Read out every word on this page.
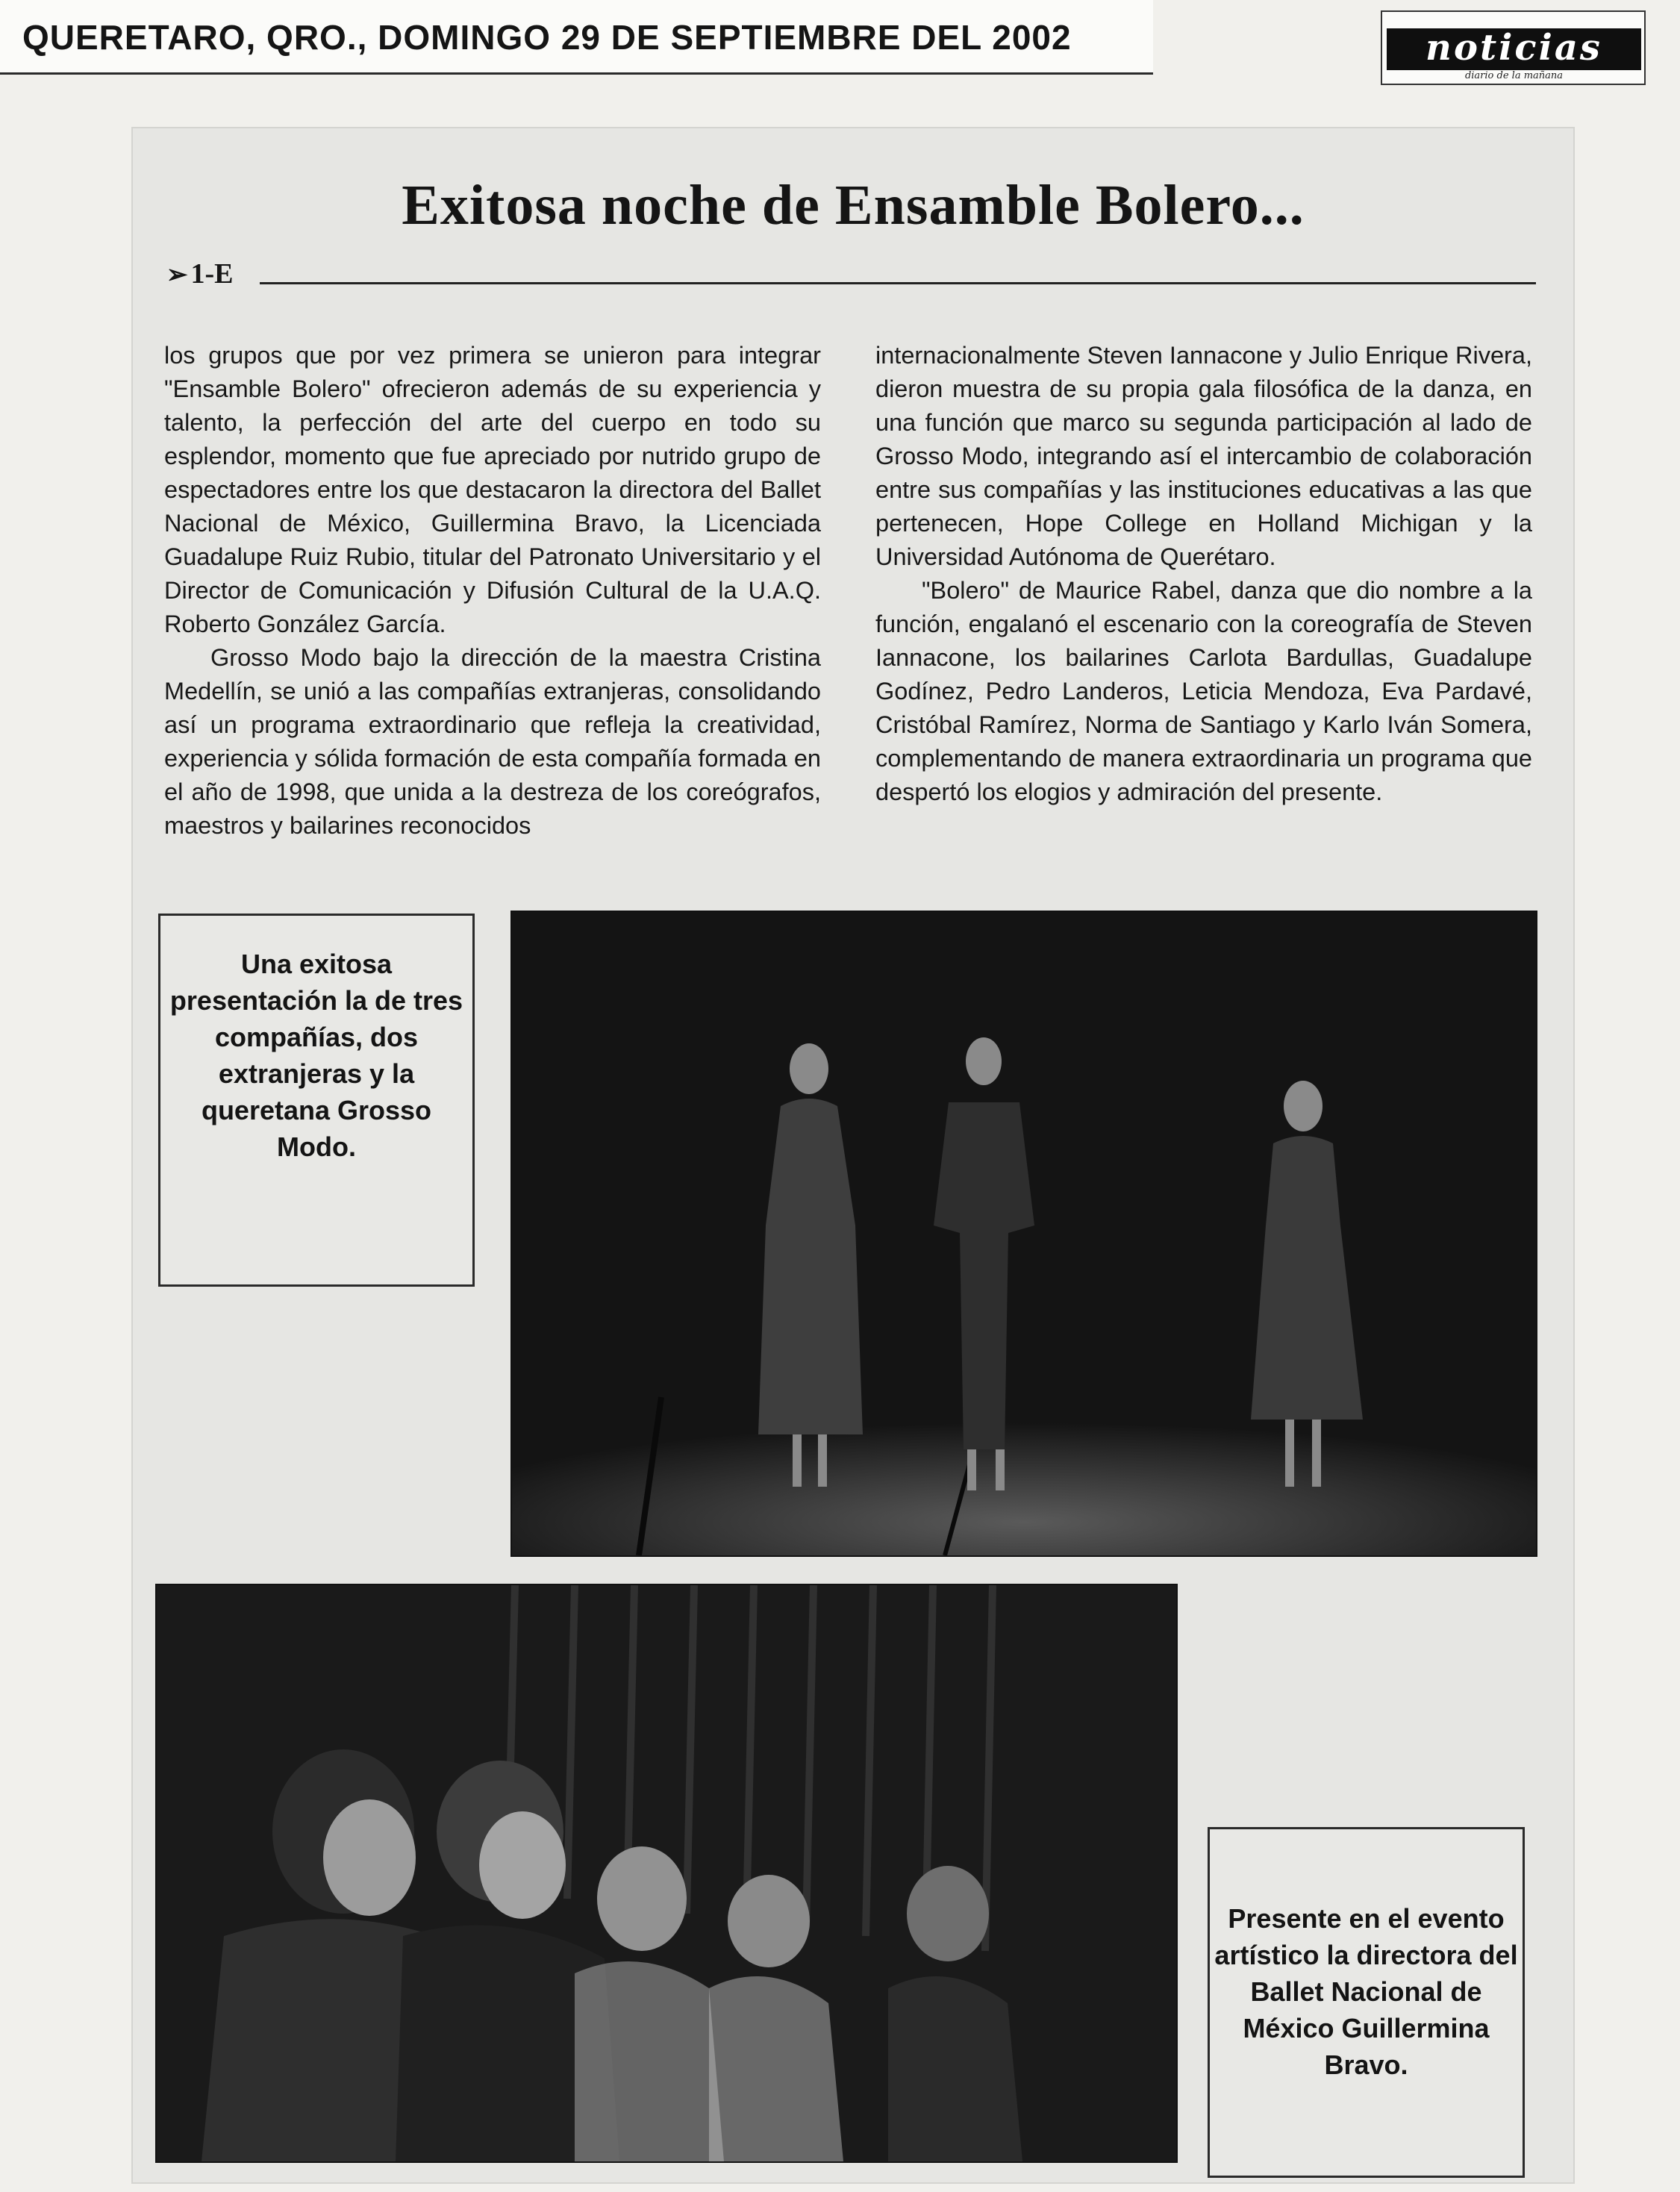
QUERETARO, QRO., DOMINGO 29 DE SEPTIEMBRE DEL 2002	noticias
diario de la mañana
Exitosa noche de Ensamble Bolero...
➢ 1-E

los grupos que por vez primera se unieron para integrar "Ensamble Bolero" ofrecieron además de su experiencia y talento, la perfección del arte del cuerpo en todo su esplendor, momento que fue apreciado por nutrido grupo de espectadores entre los que destacaron la directora del Ballet Nacional de México, Guillermina Bravo, la Licenciada Guadalupe Ruiz Rubio, titular del Patronato Universitario y el Director de Comunicación y Difusión Cultural de la U.A.Q. Roberto González García.

Grosso Modo bajo la dirección de la maestra Cristina Medellín, se unió a las compañías extranjeras, consolidando así un programa extraordinario que refleja la creatividad, experiencia y sólida formación de esta compañía formada en el año de 1998, que unida a la destreza de los coreógrafos, maestros y bailarines reconocidos

internacionalmente Steven Iannacone y Julio Enrique Rivera, dieron muestra de su propia gala filosófica de la danza, en una función que marco su segunda participación al lado de Grosso Modo, integrando así el intercambio de colaboración entre sus compañías y las instituciones educativas a las que pertenecen, Hope College en Holland Michigan y la Universidad Autónoma de Querétaro.

"Bolero" de Maurice Rabel, danza que dio nombre a la función, engalanó el escenario con la coreografía de Steven Iannacone, los bailarines Carlota Bardullas, Guadalupe Godínez, Pedro Landeros, Leticia Mendoza, Eva Pardavé, Cristóbal Ramírez, Norma de Santiago y Karlo Iván Somera, complementando de manera extraordinaria un programa que despertó los elogios y admiración del presente.

Una exitosa presentación la de tres compañías, dos extranjeras y la queretana Grosso Modo.
Presente en el evento artístico la directora del Ballet Nacional de México Guillermina Bravo.
